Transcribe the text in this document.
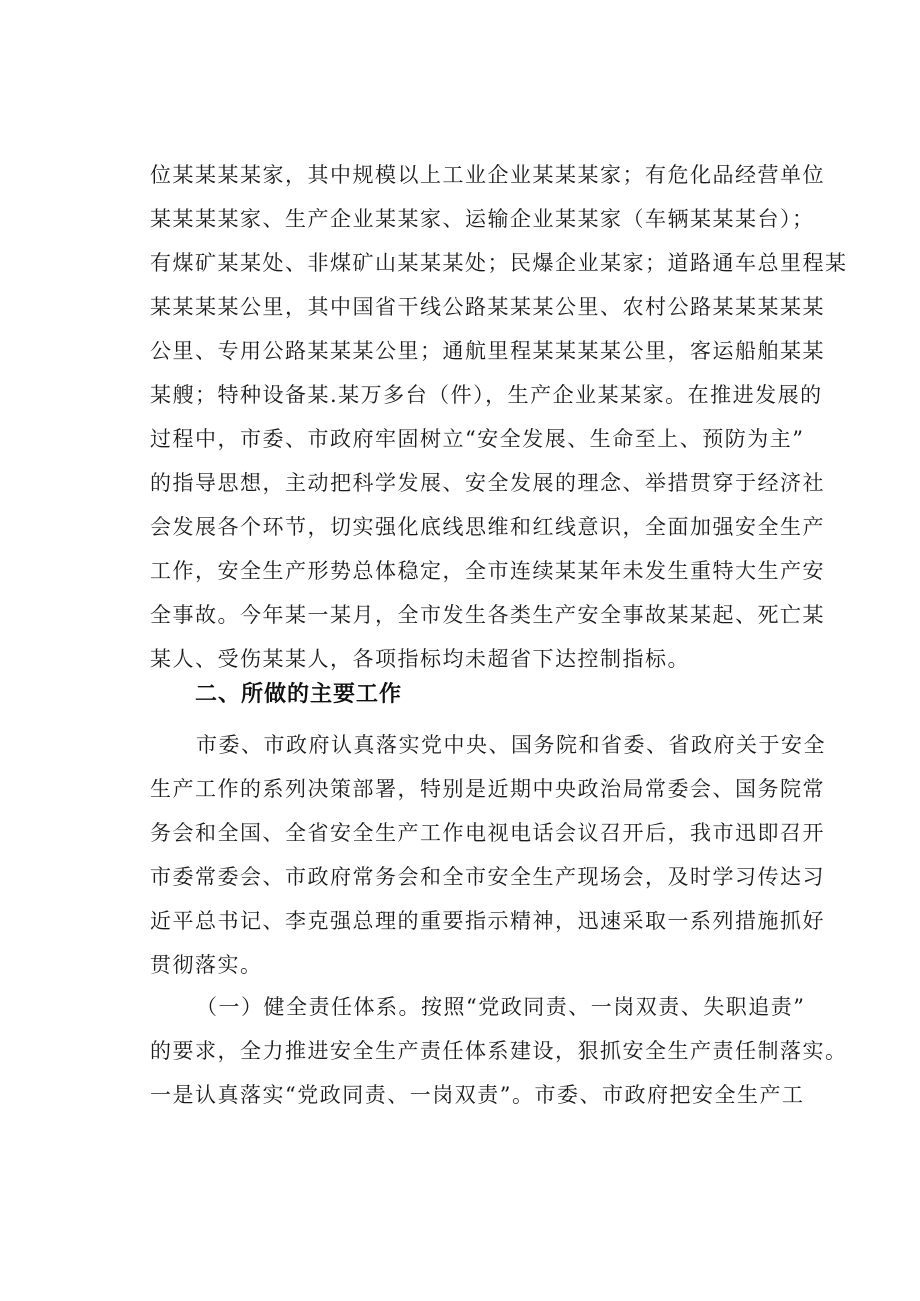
位某某某某家，其中规模以上工业企业某某某家；有危化品经营单位
某某某某家、生产企业某某家、运输企业某某家（车辆某某某台）；
有煤矿某某处、非煤矿山某某某处；民爆企业某家；道路通车总里程某
某某某某公里，其中国省干线公路某某某公里、农村公路某某某某某
公里、专用公路某某某公里；通航里程某某某某公里，客运船舶某某
某艘；特种设备某.某万多台（件），生产企业某某家。在推进发展的
过程中，市委、市政府牢固树立“安全发展、生命至上、预防为主”
的指导思想，主动把科学发展、安全发展的理念、举措贯穿于经济社
会发展各个环节，切实强化底线思维和红线意识，全面加强安全生产
工作，安全生产形势总体稳定，全市连续某某年未发生重特大生产安
全事故。今年某一某月，全市发生各类生产安全事故某某起、死亡某
某人、受伤某某人，各项指标均未超省下达控制指标。
二、所做的主要工作
市委、市政府认真落实党中央、国务院和省委、省政府关于安全
生产工作的系列决策部署，特别是近期中央政治局常委会、国务院常
务会和全国、全省安全生产工作电视电话会议召开后，我市迅即召开
市委常委会、市政府常务会和全市安全生产现场会，及时学习传达习
近平总书记、李克强总理的重要指示精神，迅速采取一系列措施抓好
贯彻落实。
（一）健全责任体系。按照“党政同责、一岗双责、失职追责”
的要求，全力推进安全生产责任体系建设，狠抓安全生产责任制落实。
一是认真落实“党政同责、一岗双责”。市委、市政府把安全生产工
